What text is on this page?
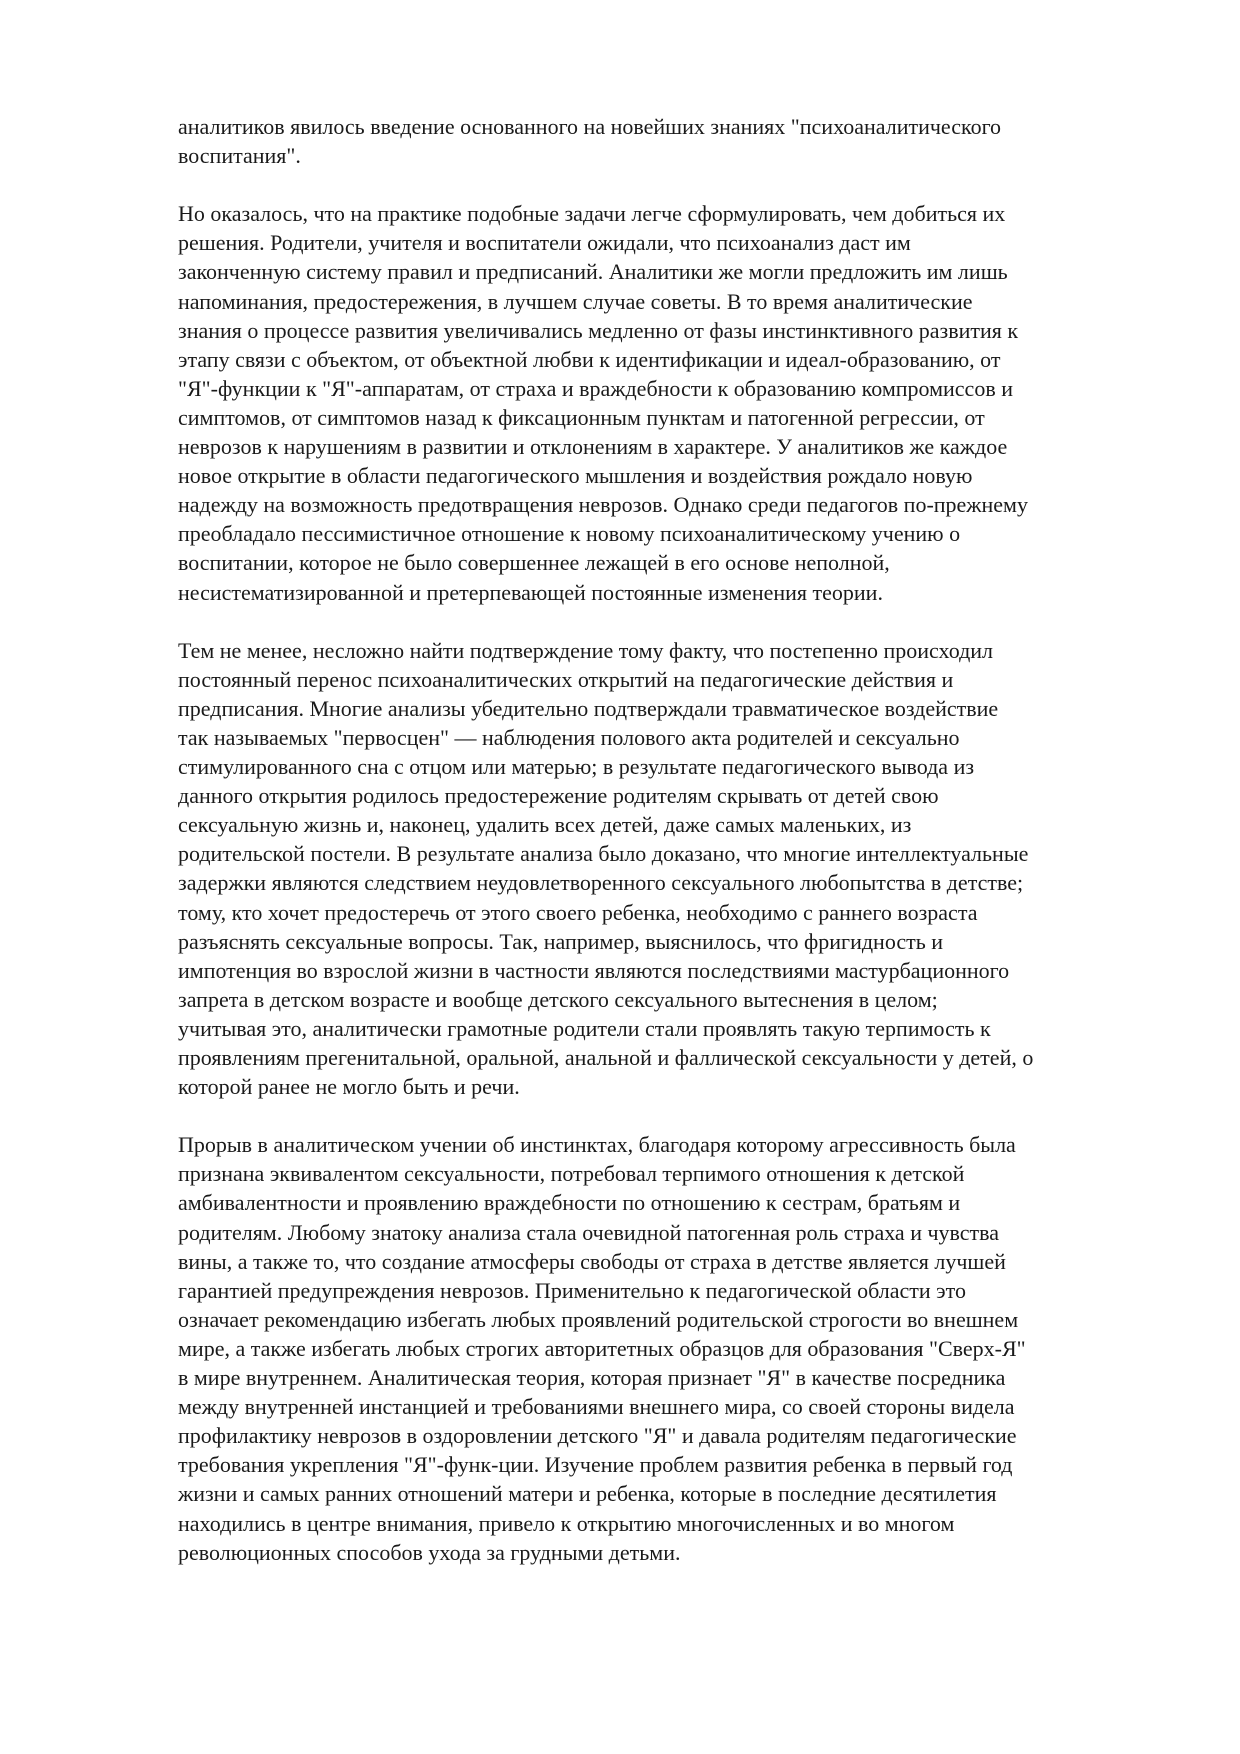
аналитиков явилось введение основанного на новейших знаниях "психоаналитического
воспитания".
Но оказалось, что на практике подобные задачи легче сформулировать, чем добиться их
решения. Родители, учителя и воспитатели ожидали, что психоанализ даст им
законченную систему правил и предписаний. Аналитики же могли предложить им лишь
напоминания, предостережения, в лучшем случае советы. В то время аналитические
знания о процессе развития увеличивались медленно от фазы инстинктивного развития к
этапу связи с объектом, от объектной любви к идентификации и идеал-образованию, от
"Я"-функции к "Я"-аппаратам, от страха и враждебности к образованию компромиссов и
симптомов, от симптомов назад к фиксационным пунктам и патогенной регрессии, от
неврозов к нарушениям в развитии и отклонениям в характере. У аналитиков же каждое
новое открытие в области педагогического мышления и воздействия рождало новую
надежду на возможность предотвращения неврозов. Однако среди педагогов по-прежнему
преобладало пессимистичное отношение к новому психоаналитическому учению о
воспитании, которое не было совершеннее лежащей в его основе неполной,
несистематизированной и претерпевающей постоянные изменения теории.
Тем не менее, несложно найти подтверждение тому факту, что постепенно происходил
постоянный перенос психоаналитических открытий на педагогические действия и
предписания. Многие анализы убедительно подтверждали травматическое воздействие
так называемых "первосцен" — наблюдения полового акта родителей и сексуально
стимулированного сна с отцом или матерью; в результате педагогического вывода из
данного открытия родилось предостережение родителям скрывать от детей свою
сексуальную жизнь и, наконец, удалить всех детей, даже самых маленьких, из
родительской постели. В результате анализа было доказано, что многие интеллектуальные
задержки являются следствием неудовлетворенного сексуального любопытства в детстве;
тому, кто хочет предостеречь от этого своего ребенка, необходимо с раннего возраста
разъяснять сексуальные вопросы. Так, например, выяснилось, что фригидность и
импотенция во взрослой жизни в частности являются последствиями мастурбационного
запрета в детском возрасте и вообще детского сексуального вытеснения в целом;
учитывая это, аналитически грамотные родители стали проявлять такую терпимость к
проявлениям прегенитальной, оральной, анальной и фаллической сексуальности у детей, о
которой ранее не могло быть и речи.
Прорыв в аналитическом учении об инстинктах, благодаря которому агрессивность была
признана эквивалентом сексуальности, потребовал терпимого отношения к детской
амбивалентности и проявлению враждебности по отношению к сестрам, братьям и
родителям. Любому знатоку анализа стала очевидной патогенная роль страха и чувства
вины, а также то, что создание атмосферы свободы от страха в детстве является лучшей
гарантией предупреждения неврозов. Применительно к педагогической области это
означает рекомендацию избегать любых проявлений родительской строгости во внешнем
мире, а также избегать любых строгих авторитетных образцов для образования "Сверх-Я"
в мире внутреннем. Аналитическая теория, которая признает "Я" в качестве посредника
между внутренней инстанцией и требованиями внешнего мира, со своей стороны видела
профилактику неврозов в оздоровлении детского "Я" и давала родителям педагогические
требования укрепления "Я"-функ-ции. Изучение проблем развития ребенка в первый год
жизни и самых ранних отношений матери и ребенка, которые в последние десятилетия
находились в центре внимания, привело к открытию многочисленных и во многом
революционных способов ухода за грудными детьми.
